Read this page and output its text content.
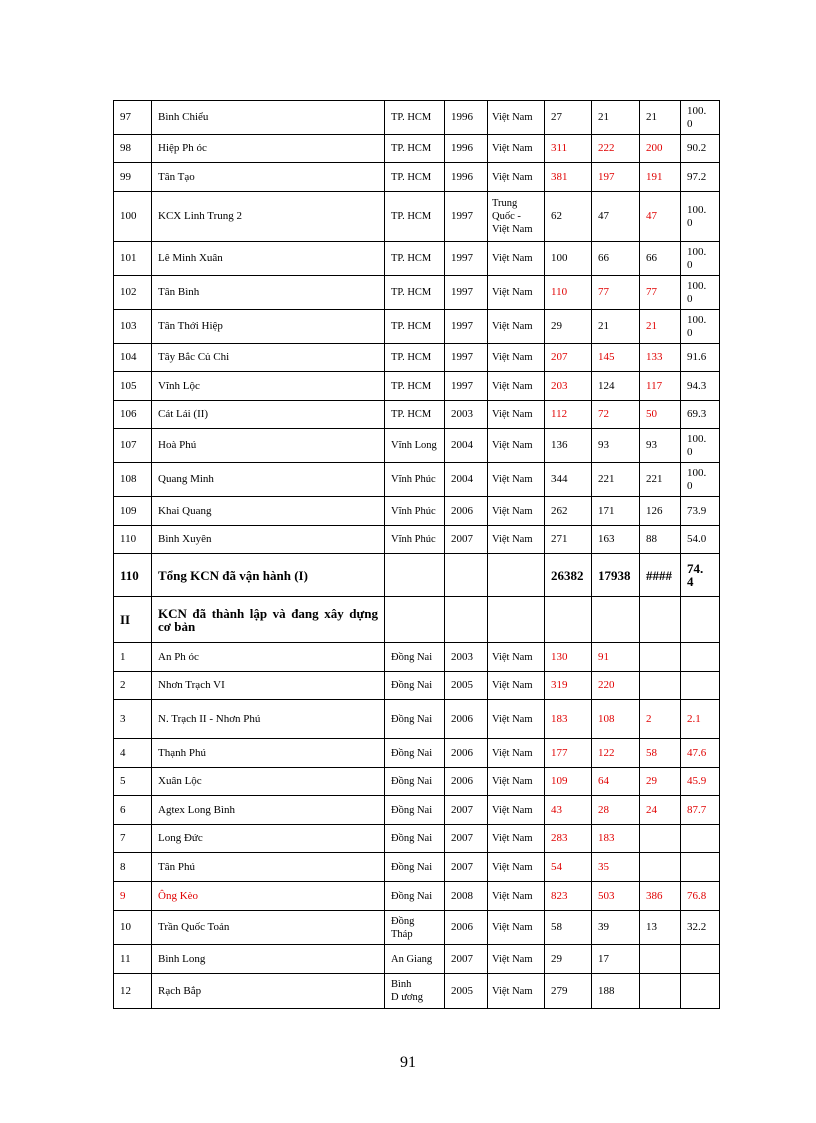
97	Bình Chiểu	TP. HCM	1996	Việt Nam	27	21	21	100.
0
98	Hiệp Ph óc	TP. HCM	1996	Việt Nam	311	222	200	90.2
99	Tân Tạo	TP. HCM	1996	Việt Nam	381	197	191	97.2
100	KCX Linh Trung 2	TP. HCM	1997	Trung
Quốc -
Việt Nam	62	47	47	100.
0
101	Lê Minh Xuân	TP. HCM	1997	Việt Nam	100	66	66	100.
0
102	Tân Bình	TP. HCM	1997	Việt Nam	110	77	77	100.
0
103	Tân Thới Hiệp	TP. HCM	1997	Việt Nam	29	21	21	100.
0
104	Tây Bắc Củ Chi	TP. HCM	1997	Việt Nam	207	145	133	91.6
105	Vĩnh Lộc	TP. HCM	1997	Việt Nam	203	124	117	94.3
106	Cát Lái (II)	TP. HCM	2003	Việt Nam	112	72	50	69.3
107	Hoà Phú	Vĩnh Long	2004	Việt Nam	136	93	93	100.
0
108	Quang Minh	Vĩnh Phúc	2004	Việt Nam	344	221	221	100.
0
109	Khai Quang	Vĩnh Phúc	2006	Việt Nam	262	171	126	73.9
110	Bình Xuyên	Vĩnh Phúc	2007	Việt Nam	271	163	88	54.0
110	Tổng KCN đã vận hành (I)				26382	17938	####	74.
4
II	KCN đã thành lập và đang xây dựng cơ bản							
1	An Ph óc	Đồng Nai	2003	Việt Nam	130	91		
2	Nhơn Trạch VI	Đồng Nai	2005	Việt Nam	319	220		
3	N. Trạch II - Nhơn Phú	Đồng Nai	2006	Việt Nam	183	108	2	2.1
4	Thạnh Phú	Đồng Nai	2006	Việt Nam	177	122	58	47.6
5	Xuân Lộc	Đồng Nai	2006	Việt Nam	109	64	29	45.9
6	Agtex Long Bình	Đồng Nai	2007	Việt Nam	43	28	24	87.7
7	Long Đức	Đồng Nai	2007	Việt Nam	283	183		
8	Tân Phú	Đồng Nai	2007	Việt Nam	54	35		
9	Ông Kèo	Đồng Nai	2008	Việt Nam	823	503	386	76.8
10	Trần Quốc Toản	Đồng
Tháp	2006	Việt Nam	58	39	13	32.2
11	Bình Long	An Giang	2007	Việt Nam	29	17		
12	Rạch Bắp	Bình
D ương	2005	Việt Nam	279	188		
91
